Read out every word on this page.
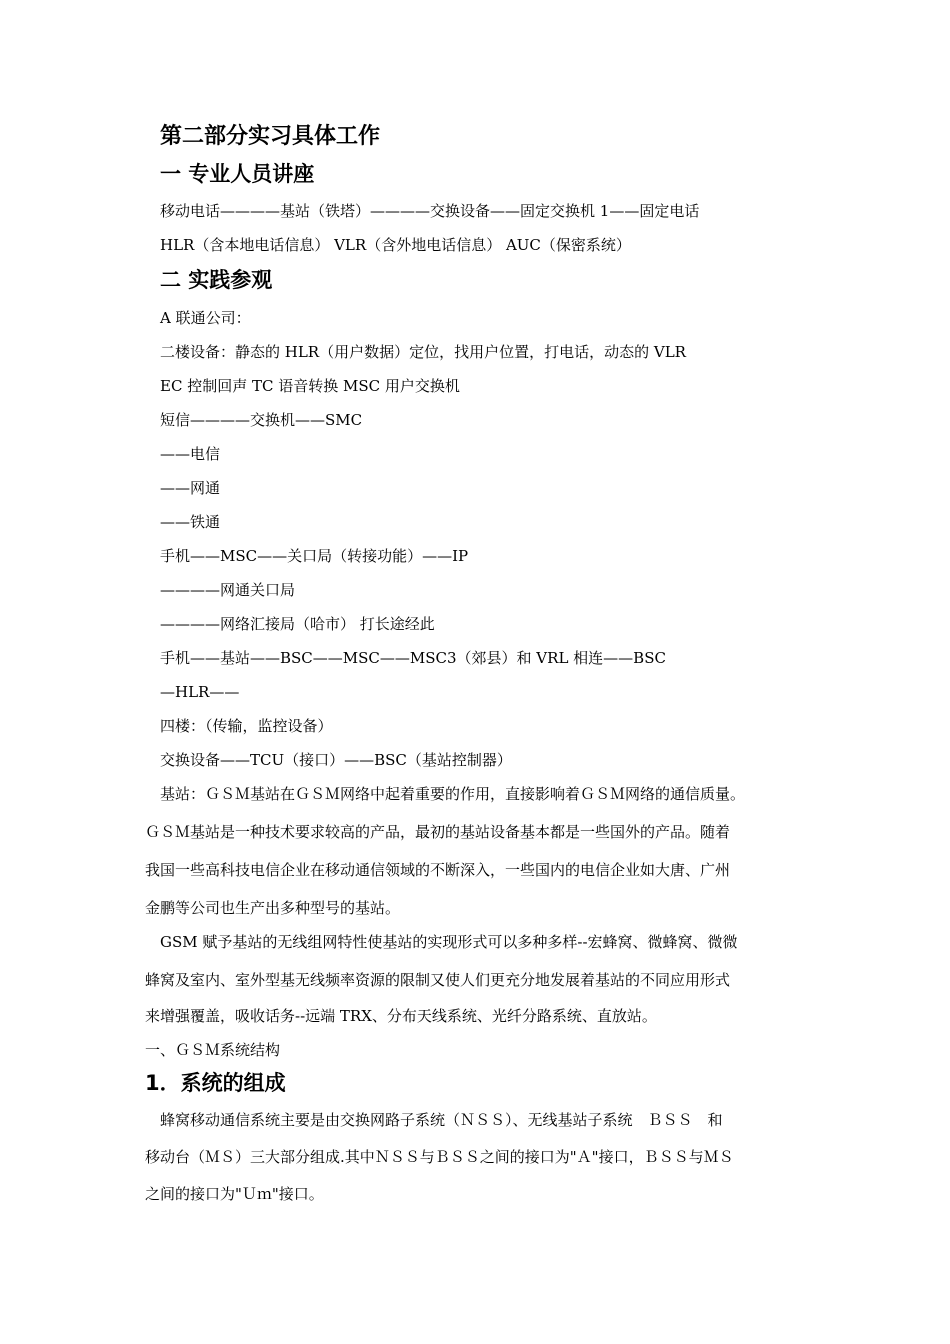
第二部分实习具体工作
一 专业人员讲座
移动电话————基站（铁塔）————交换设备——固定交换机 1——固定电话
HLR（含本地电话信息） VLR（含外地电话信息） AUC（保密系统）
二 实践参观
A 联通公司：
二楼设备：静态的 HLR（用户数据）定位，找用户位置，打电话，动态的 VLR
EC 控制回声 TC 语音转换 MSC 用户交换机
短信————交换机——SMC
——电信
——网通
——铁通
手机——MSC——关口局（转接功能）——IP
————网通关口局
————网络汇接局（哈市） 打长途经此
手机——基站——BSC——MSC——MSC3（郊县）和 VRL 相连——BSC
—HLR——
四楼：（传输，监控设备）
交换设备——TCU（接口）——BSC（基站控制器）
基站：ＧＳＭ基站在ＧＳＭ网络中起着重要的作用，直接影响着ＧＳＭ网络的通信质量。
ＧＳＭ基站是一种技术要求较高的产品，最初的基站设备基本都是一些国外的产品。随着
我国一些高科技电信企业在移动通信领域的不断深入，一些国内的电信企业如大唐、广州
金鹏等公司也生产出多种型号的基站。
GSM 赋予基站的无线组网特性使基站的实现形式可以多种多样--宏蜂窝、微蜂窝、微微
蜂窝及室内、室外型基无线频率资源的限制又使人们更充分地发展着基站的不同应用形式
来增强覆盖，吸收话务--远端 TRX、分布天线系统、光纤分路系统、直放站。
一、ＧＳＭ系统结构
1．系统的组成
蜂窝移动通信系统主要是由交换网路子系统（ＮＳＳ）、无线基站子系统　ＢＳＳ　和
移动台（ＭＳ）三大部分组成.其中ＮＳＳ与ＢＳＳ之间的接口为"Ａ"接口，ＢＳＳ与ＭＳ
之间的接口为"Ｕｍ"接口。
